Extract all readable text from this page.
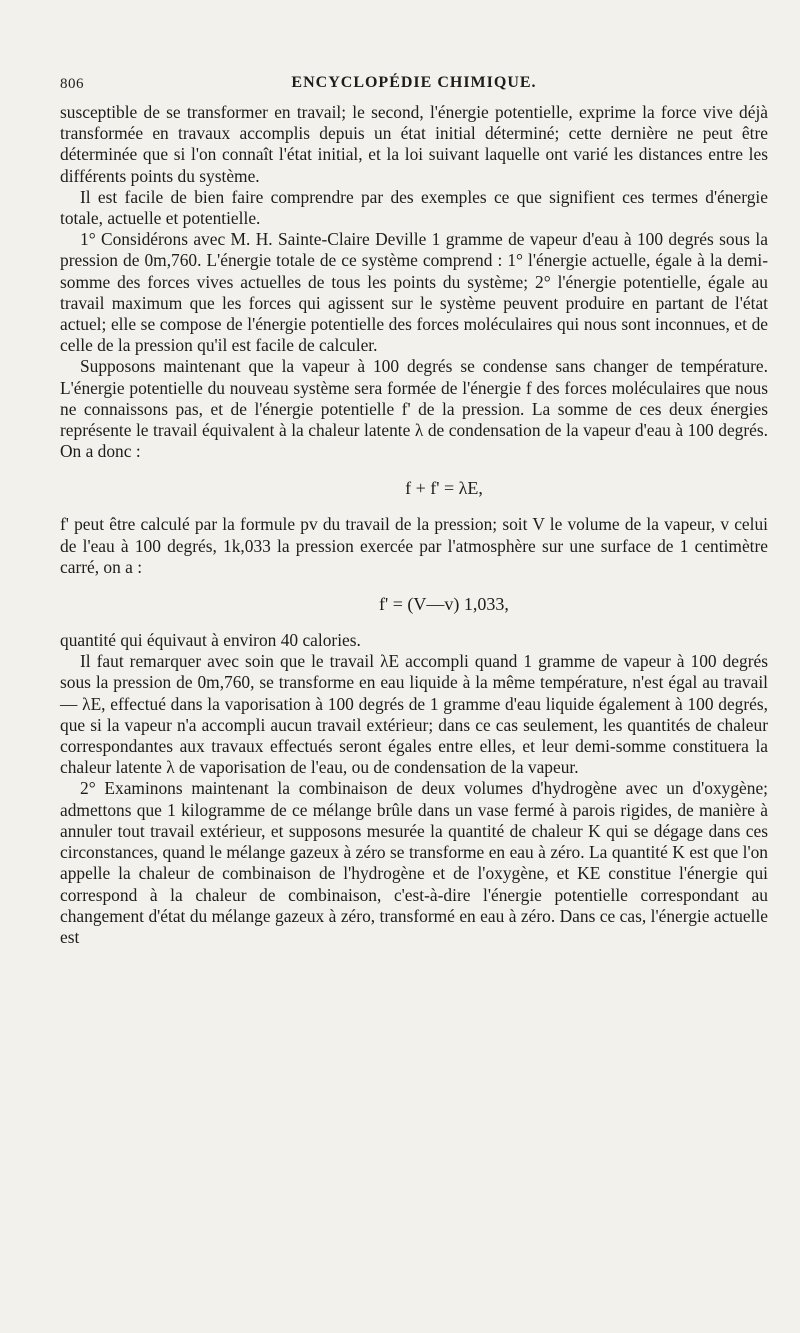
806	ENCYCLOPÉDIE CHIMIQUE.

susceptible de se transformer en travail; le second, l'énergie potentielle, exprime la force vive déjà transformée en travaux accomplis depuis un état initial déterminé; cette dernière ne peut être déterminée que si l'on connaît l'état initial, et la loi suivant laquelle ont varié les distances entre les différents points du système.

Il est facile de bien faire comprendre par des exemples ce que signifient ces termes d'énergie totale, actuelle et potentielle.

1° Considérons avec M. H. Sainte-Claire Deville 1 gramme de vapeur d'eau à 100 degrés sous la pression de 0m,760. L'énergie totale de ce système comprend : 1° l'énergie actuelle, égale à la demi-somme des forces vives actuelles de tous les points du système; 2° l'énergie potentielle, égale au travail maximum que les forces qui agissent sur le système peuvent produire en partant de l'état actuel; elle se compose de l'énergie potentielle des forces moléculaires qui nous sont inconnues, et de celle de la pression qu'il est facile de calculer.

Supposons maintenant que la vapeur à 100 degrés se condense sans changer de température. L'énergie potentielle du nouveau système sera formée de l'énergie f des forces moléculaires que nous ne connaissons pas, et de l'énergie potentielle f' de la pression. La somme de ces deux énergies représente le travail équivalent à la chaleur latente λ de condensation de la vapeur d'eau à 100 degrés. On a donc :

f + f' = λE,

f' peut être calculé par la formule pv du travail de la pression; soit V le volume de la vapeur, v celui de l'eau à 100 degrés, 1k,033 la pression exercée par l'atmosphère sur une surface de 1 centimètre carré, on a :

f' = (V—v) 1,033,

quantité qui équivaut à environ 40 calories.

Il faut remarquer avec soin que le travail λE accompli quand 1 gramme de vapeur à 100 degrés sous la pression de 0m,760, se transforme en eau liquide à la même température, n'est égal au travail — λE, effectué dans la vaporisation à 100 degrés de 1 gramme d'eau liquide également à 100 degrés, que si la vapeur n'a accompli aucun travail extérieur; dans ce cas seulement, les quantités de chaleur correspondantes aux travaux effectués seront égales entre elles, et leur demi-somme constituera la chaleur latente λ de vaporisation de l'eau, ou de condensation de la vapeur.

2° Examinons maintenant la combinaison de deux volumes d'hydrogène avec un d'oxygène; admettons que 1 kilogramme de ce mélange brûle dans un vase fermé à parois rigides, de manière à annuler tout travail extérieur, et supposons mesurée la quantité de chaleur K qui se dégage dans ces circonstances, quand le mélange gazeux à zéro se transforme en eau à zéro. La quantité K est que l'on appelle la chaleur de combinaison de l'hydrogène et de l'oxygène, et KE constitue l'énergie qui correspond à la chaleur de combinaison, c'est-à-dire l'énergie potentielle correspondant au changement d'état du mélange gazeux à zéro, transformé en eau à zéro. Dans ce cas, l'énergie actuelle est
